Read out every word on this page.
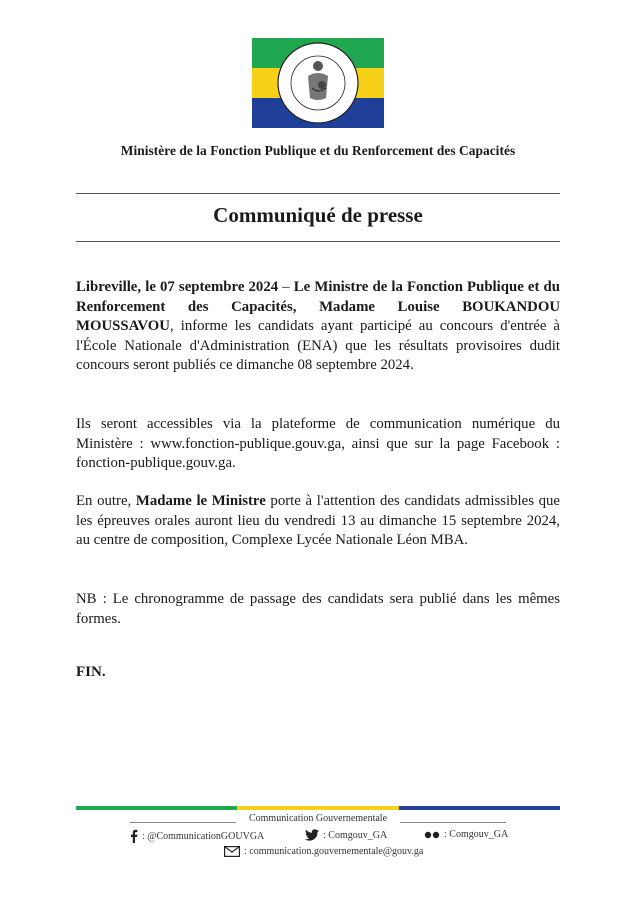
Ministère de la Fonction Publique et du Renforcement des Capacités
Communiqué de presse

Libreville, le 07 septembre 2024 – Le Ministre de la Fonction Publique et du Renforcement des Capacités, Madame Louise BOUKANDOU MOUSSAVOU, informe les candidats ayant participé au concours d'entrée à l'École Nationale d'Administration (ENA) que les résultats provisoires dudit concours seront publiés ce dimanche 08 septembre 2024.

Ils seront accessibles via la plateforme de communication numérique du Ministère : www.fonction-publique.gouv.ga, ainsi que sur la page Facebook : fonction-publique.gouv.ga.

En outre, Madame le Ministre porte à l'attention des candidats admissibles que les épreuves orales auront lieu du vendredi 13 au dimanche 15 septembre 2024, au centre de composition, Complexe Lycée Nationale Léon MBA.

NB : Le chronogramme de passage des candidats sera publié dans les mêmes formes.

FIN.
Communication Gouvernementale
: @CommunicationGOUVGA	: Comgouv_GA	: Comgouv_GA
: communication.gouvernementale@gouv.ga
